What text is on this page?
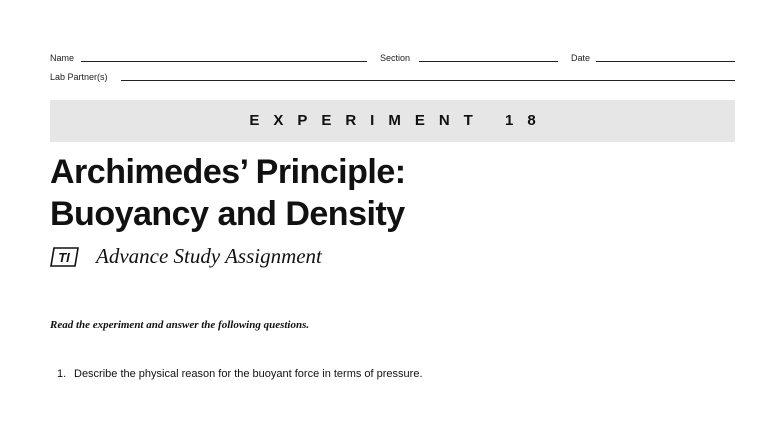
Name	Section	Date
Lab Partner(s)
EXPERIMENT 18
Archimedes’ Principle:
Buoyancy and Density
TI Advance Study Assignment
Read the experiment and answer the following questions.
1. Describe the physical reason for the buoyant force in terms of pressure.
